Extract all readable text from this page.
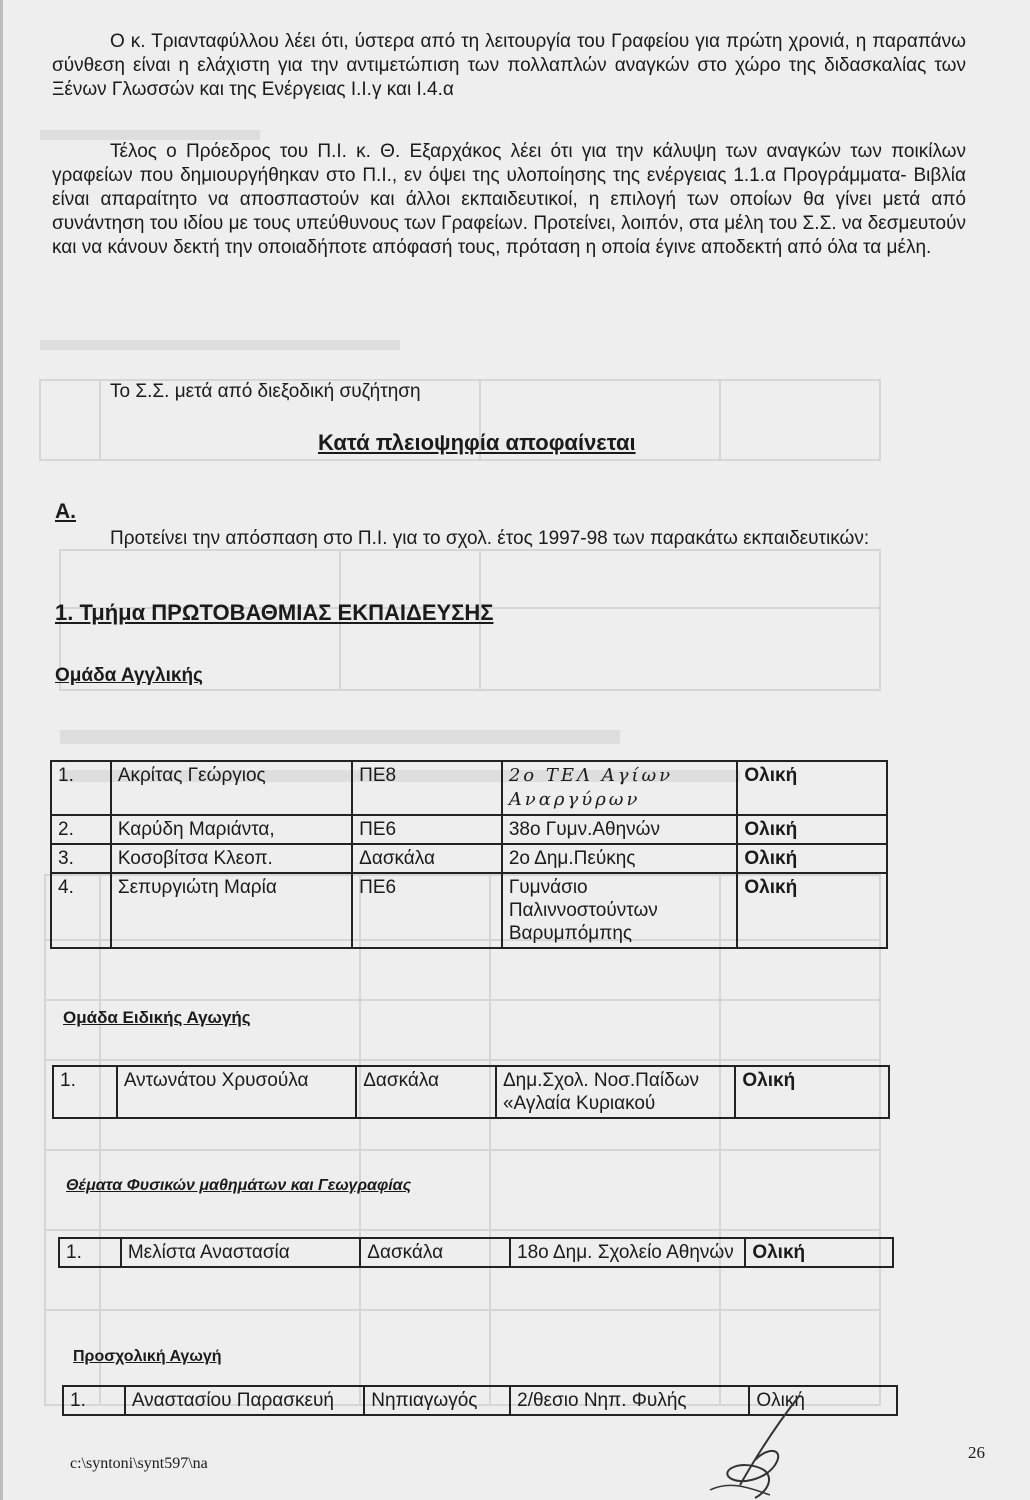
Ο κ. Τριανταφύλλου λέει ότι, ύστερα από τη λειτουργία του Γραφείου για πρώτη χρονιά, η παραπάνω σύνθεση είναι η ελάχιστη για την αντιμετώπιση των πολλαπλών αναγκών στο χώρο της διδασκαλίας των Ξένων Γλωσσών και της Ενέργειας Ι.Ι.γ και Ι.4.α

Τέλος ο Πρόεδρος του Π.Ι. κ. Θ. Εξαρχάκος λέει ότι για την κάλυψη των αναγκών των ποικίλων γραφείων που δημιουργήθηκαν στο Π.Ι., εν όψει της υλοποίησης της ενέργειας 1.1.α Προγράμματα- Βιβλία είναι απαραίτητο να αποσπαστούν και άλλοι εκπαιδευτικοί, η επιλογή των οποίων θα γίνει μετά από συνάντηση του ιδίου με τους υπεύθυνους των Γραφείων. Προτείνει, λοιπόν, στα μέλη του Σ.Σ. να δεσμευτούν και να κάνουν δεκτή την οποιαδήποτε απόφασή τους, πρόταση η οποία έγινε αποδεκτή από όλα τα μέλη.

Το Σ.Σ. μετά από διεξοδική συζήτηση

Κατά πλειοψηφία αποφαίνεται
Α.

Προτείνει την απόσπαση στο Π.Ι. για το σχολ. έτος 1997-98 των παρακάτω εκπαιδευτικών:

1. Τμήμα ΠΡΩΤΟΒΑΘΜΙΑΣ ΕΚΠΑΙΔΕΥΣΗΣ
Ομάδα Αγγλικής
1.	Ακρίτας Γεώργιος	ΠΕ8	2ο ΤΕΛ Αγίων Αναργύρων	Ολική
2.	Καρύδη Μαριάντα,	ΠΕ6	38ο Γυμν.Αθηνών	Ολική
3.	Κοσοβίτσα Κλεοπ.	Δασκάλα	2ο Δημ.Πεύκης	Ολική
4.	Σεπυργιώτη Μαρία	ΠΕ6	Γυμνάσιο Παλιννοστούντων Βαρυμπόμπης	Ολική
Ομάδα Ειδικής Αγωγής
1.	Αντωνάτου Χρυσούλα	Δασκάλα	Δημ.Σχολ. Νοσ.Παίδων «Αγλαία Κυριακού	Ολική
Θέματα Φυσικών μαθημάτων και Γεωγραφίας
1.	Μελίστα Αναστασία	Δασκάλα	18ο Δημ. Σχολείο Αθηνών	Ολική
Προσχολική Αγωγή
1.	Αναστασίου Παρασκευή	Νηπιαγωγός	2/θεσιο Νηπ. Φυλής	Ολική
c:\syntoni\synt597\na
26
